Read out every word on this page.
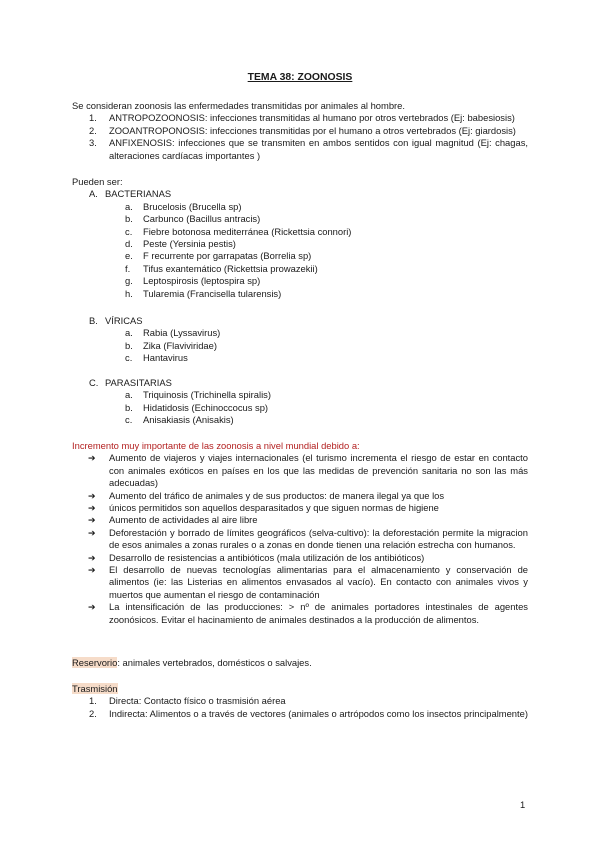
TEMA 38: ZOONOSIS
Se consideran zoonosis las enfermedades transmitidas por animales al hombre.
1. ANTROPOZOONOSIS: infecciones transmitidas al humano por otros vertebrados (Ej: babesiosis)
2. ZOOANTROPONOSIS: infecciones transmitidas por el humano a otros vertebrados (Ej: giardosis)
3. ANFIXENOSIS: infecciones que se transmiten en ambos sentidos con igual magnitud (Ej: chagas, alteraciones cardíacas importantes )
Pueden ser:
A. BACTERIANAS
a. Brucelosis (Brucella sp)
b. Carbunco (Bacillus antracis)
c. Fiebre botonosa mediterránea (Rickettsia connori)
d. Peste (Yersinia pestis)
e. F recurrente por garrapatas (Borrelia sp)
f. Tifus exantemático (Rickettsia prowazekii)
g. Leptospirosis (leptospira sp)
h. Tularemia (Francisella tularensis)
B. VÍRICAS
a. Rabia (Lyssavirus)
b. Zika (Flaviviridae)
c. Hantavirus
C. PARASITARIAS
a. Triquinosis (Trichinella spiralis)
b. Hidatidosis (Echinoccocus sp)
c. Anisakiasis (Anisakis)
Incremento muy importante de las zoonosis a nivel mundial debido a:
➔ Aumento de viajeros y viajes internacionales (el turismo incrementa el riesgo de estar en contacto con animales exóticos en países en los que las medidas de prevención sanitaria no son las más adecuadas)
➔ Aumento del tráfico de animales y de sus productos: de manera ilegal ya que los
➔ únicos permitidos son aquellos desparasitados y que siguen normas de higiene
➔ Aumento de actividades al aire libre
➔ Deforestación y borrado de límites geográficos (selva-cultivo): la deforestación permite la migracion de esos animales a zonas rurales o a zonas en donde tienen una relación estrecha con humanos.
➔ Desarrollo de resistencias a antibióticos (mala utilización de los antibióticos)
➔ El desarrollo de nuevas tecnologías alimentarias para el almacenamiento y conservación de alimentos (ie: las Listerias en alimentos envasados al vacío). En contacto con animales vivos y muertos que aumentan el riesgo de contaminación
➔ La intensificación de las producciones: > nº de animales portadores intestinales de agentes zoonósicos. Evitar el hacinamiento de animales destinados a la producción de alimentos.
Reservorio: animales vertebrados, domésticos o salvajes.
Trasmisión
1. Directa: Contacto físico o trasmisión aérea
2. Indirecta: Alimentos o a través de vectores (animales o artrópodos como los insectos principalmente)
1
